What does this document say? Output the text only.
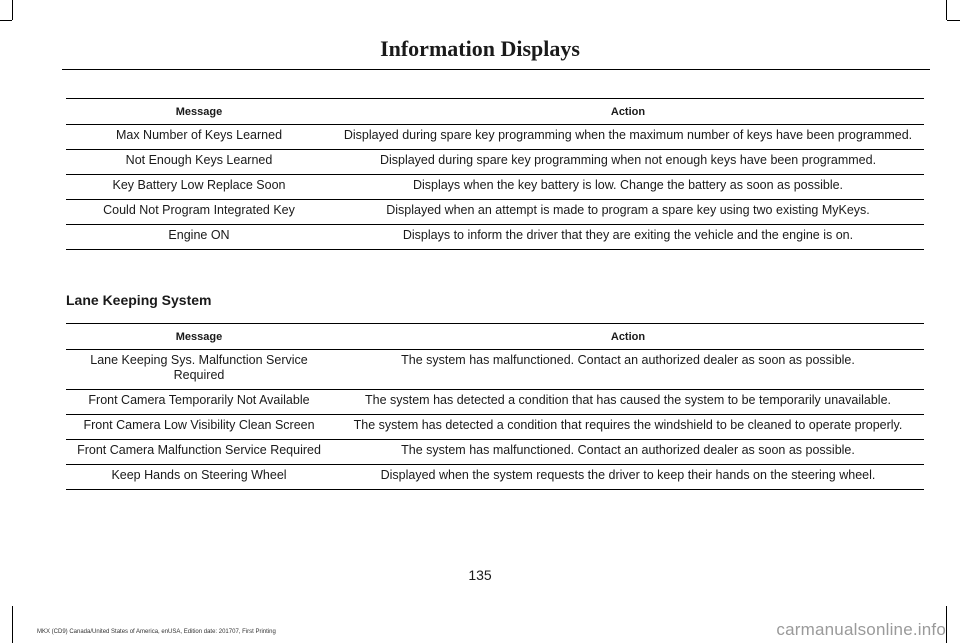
Information Displays
Message	Action
Max Number of Keys Learned	Displayed during spare key programming when the maximum number of keys have been programmed.
Not Enough Keys Learned	Displayed during spare key programming when not enough keys have been programmed.
Key Battery Low Replace Soon	Displays when the key battery is low. Change the battery as soon as possible.
Could Not Program Integrated Key	Displayed when an attempt is made to program a spare key using two existing MyKeys.
Engine ON	Displays to inform the driver that they are exiting the vehicle and the engine is on.
Lane Keeping System
Message	Action
Lane Keeping Sys. Malfunction Service Required	The system has malfunctioned. Contact an authorized dealer as soon as possible.
Front Camera Temporarily Not Available	The system has detected a condition that has caused the system to be temporarily unavailable.
Front Camera Low Visibility Clean Screen	The system has detected a condition that requires the windshield to be cleaned to operate properly.
Front Camera Malfunction Service Required	The system has malfunctioned. Contact an authorized dealer as soon as possible.
Keep Hands on Steering Wheel	Displayed when the system requests the driver to keep their hands on the steering wheel.
135
MKX (CD9) Canada/United States of America, enUSA, Edition date: 201707, First Printing	carmanualsonline.info
